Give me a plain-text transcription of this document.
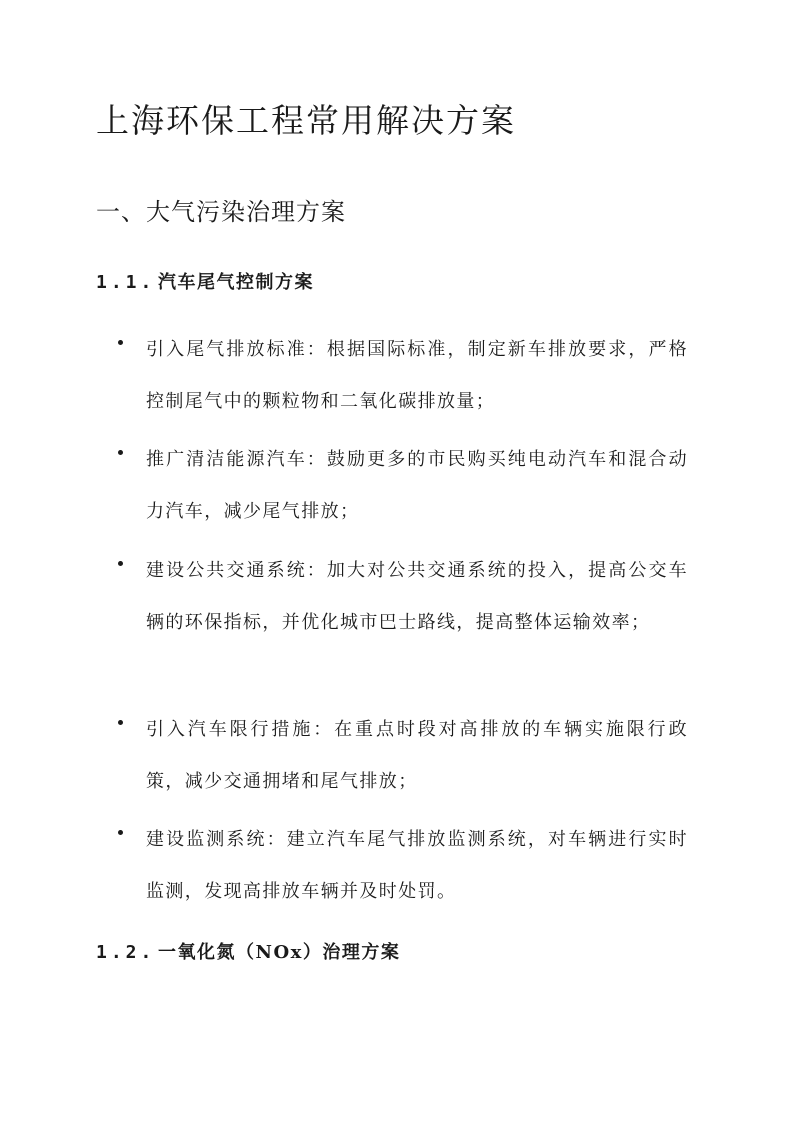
上海环保工程常用解决方案
一、大气污染治理方案
1.1. 汽车尾气控制方案
引入尾气排放标准：根据国际标准，制定新车排放要求，严格控制尾气中的颗粒物和二氧化碳排放量；
推广清洁能源汽车：鼓励更多的市民购买纯电动汽车和混合动力汽车，减少尾气排放；
建设公共交通系统：加大对公共交通系统的投入，提高公交车辆的环保指标，并优化城市巴士路线，提高整体运输效率；
引入汽车限行措施：在重点时段对高排放的车辆实施限行政策，减少交通拥堵和尾气排放；
建设监测系统：建立汽车尾气排放监测系统，对车辆进行实时监测，发现高排放车辆并及时处罚。
1.2. 一氧化氮（NOx）治理方案
